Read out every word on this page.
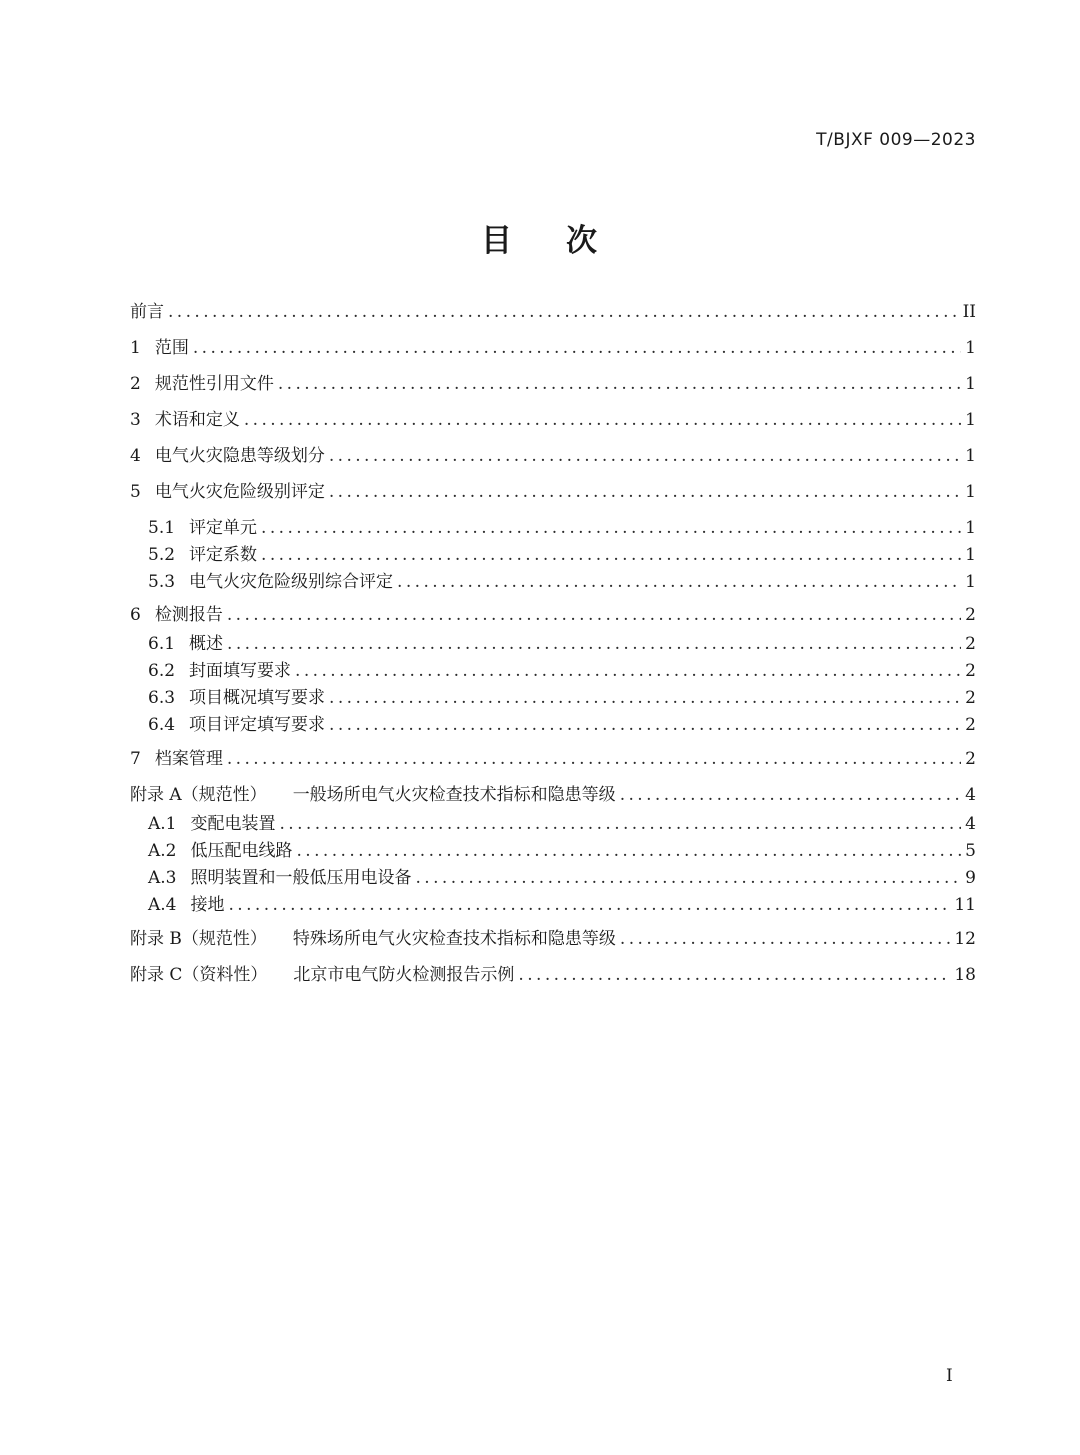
T/BJXF 009—2023
目 次
前言 . . .	II
1 范围 . . .	1
2 规范性引用文件 . . .	1
3 术语和定义 . . .	1
4 电气火灾隐患等级划分 . . .	1
5 电气火灾危险级别评定 . . .	1
5.1 评定单元 . . .	1
5.2 评定系数 . . .	1
5.3 电气火灾危险级别综合评定 . . .	1
6 检测报告 . . .	2
6.1 概述 . . .	2
6.2 封面填写要求 . . .	2
6.3 项目概况填写要求 . . .	2
6.4 项目评定填写要求 . . .	2
7 档案管理 . . .	2
附录 A（规范性） 一般场所电气火灾检查技术指标和隐患等级 . . .	4
A.1 变配电装置 . . .	4
A.2 低压配电线路 . . .	5
A.3 照明装置和一般低压用电设备 . . .	9
A.4 接地 . . .	11
附录 B（规范性） 特殊场所电气火灾检查技术指标和隐患等级 . . .	12
附录 C（资料性） 北京市电气防火检测报告示例 . . .	18
I
